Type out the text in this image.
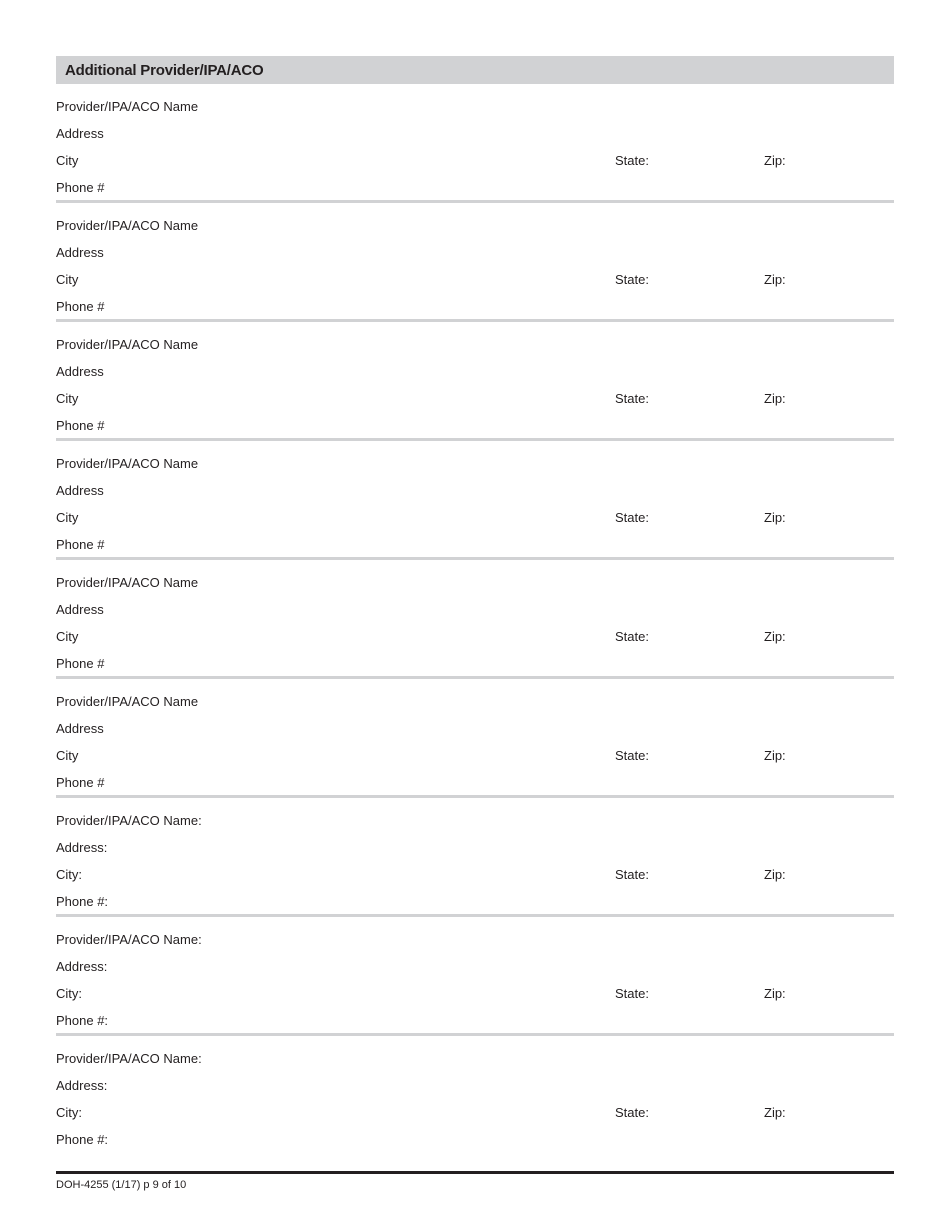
Additional Provider/IPA/ACO
Provider/IPA/ACO Name
Address
City	State:	Zip:
Phone #
Provider/IPA/ACO Name
Address
City	State:	Zip:
Phone #
Provider/IPA/ACO Name
Address
City	State:	Zip:
Phone #
Provider/IPA/ACO Name
Address
City	State:	Zip:
Phone #
Provider/IPA/ACO Name
Address
City	State:	Zip:
Phone #
Provider/IPA/ACO Name
Address
City	State:	Zip:
Phone #
Provider/IPA/ACO Name:
Address:
City:	State:	Zip:
Phone #:
Provider/IPA/ACO Name:
Address:
City:	State:	Zip:
Phone #:
Provider/IPA/ACO Name:
Address:
City:	State:	Zip:
Phone #:
DOH-4255 (1/17) p 9 of 10
